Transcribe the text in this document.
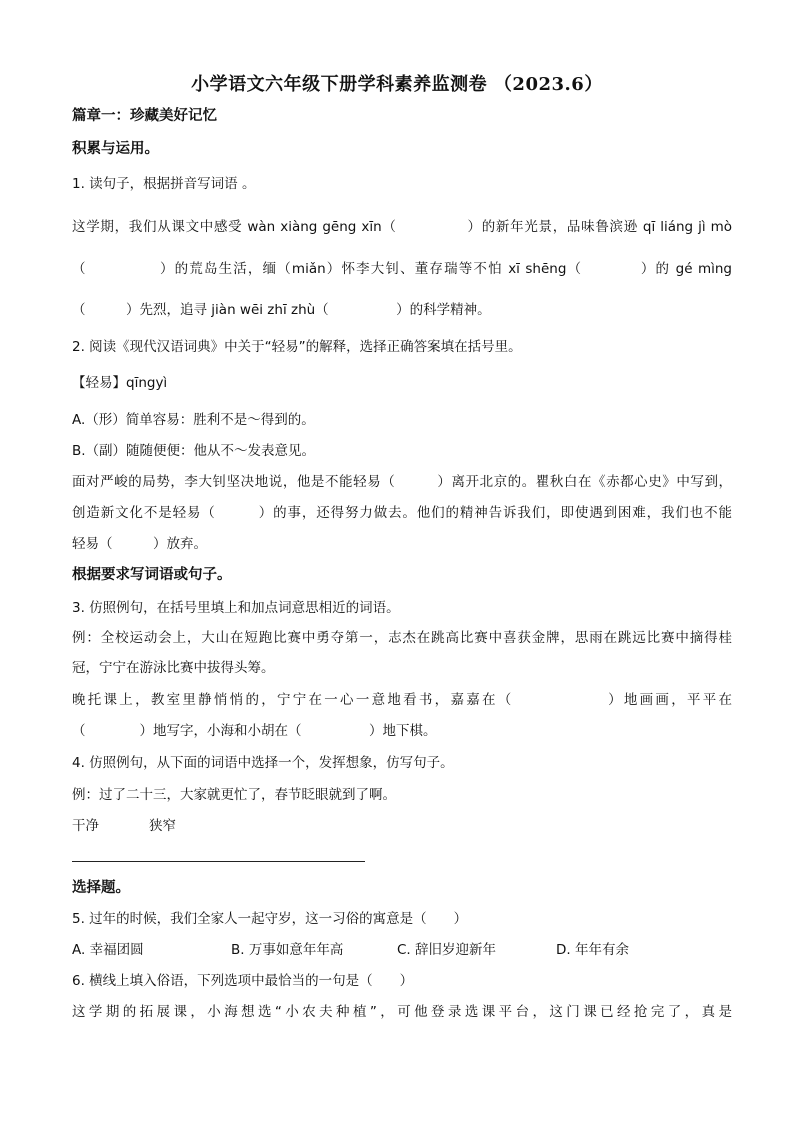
小学语文六年级下册学科素养监测卷 （2023.6）
篇章一：珍藏美好记忆
积累与运用。
1. 读句子，根据拼音写词语 。
这学期，我们从课文中感受 wàn xiàng gēng xīn（　　　　　）的新年光景，品味鲁滨逊 qī liáng jì mò
（　　　　　）的荒岛生活，缅（miǎn）怀李大钊、董存瑞等不怕 xī shēng（　　　　）的 gé mìng
（　　　）先烈，追寻 jiàn wēi zhī zhù（　　　　　）的科学精神。
2. 阅读《现代汉语词典》中关于“轻易”的解释，选择正确答案填在括号里。
【轻易】qīngyì
A.（形）简单容易：胜利不是～得到的。
B.（副）随随便便：他从不～发表意见。
面对严峻的局势，李大钊坚决地说，他是不能轻易（　　　）离开北京的。瞿秋白在《赤都心史》中写到，
创造新文化不是轻易（　　　）的事，还得努力做去。他们的精神告诉我们，即使遇到困难，我们也不能
轻易（　　　）放弃。
根据要求写词语或句子。
3. 仿照例句，在括号里填上和加点词意思相近的词语。
例：全校运动会上，大山在短跑比赛中勇夺第一，志杰在跳高比赛中喜获金牌，思雨在跳远比赛中摘得桂
冠，宁宁在游泳比赛中拔得头筹。
晚托课上，教室里静悄悄的，宁宁在一心一意地看书，嘉嘉在（　　　　　　）地画画，平平在
（　　　　）地写字，小海和小胡在（　　　　　）地下棋。
4. 仿照例句，从下面的词语中选择一个，发挥想象，仿写句子。
例：过了二十三，大家就更忙了，春节眨眼就到了啊。
干净	狭窄
选择题。
5. 过年的时候，我们全家人一起守岁，这一习俗的寓意是（　　）
A. 幸福团圆	B. 万事如意年年高	C. 辞旧岁迎新年	D. 年年有余
6. 横线上填入俗语，下列选项中最恰当的一句是（　　）
这学期的拓展课，小海想选“小农夫种植”，可他登录选课平台，这门课已经抢完了，真是
